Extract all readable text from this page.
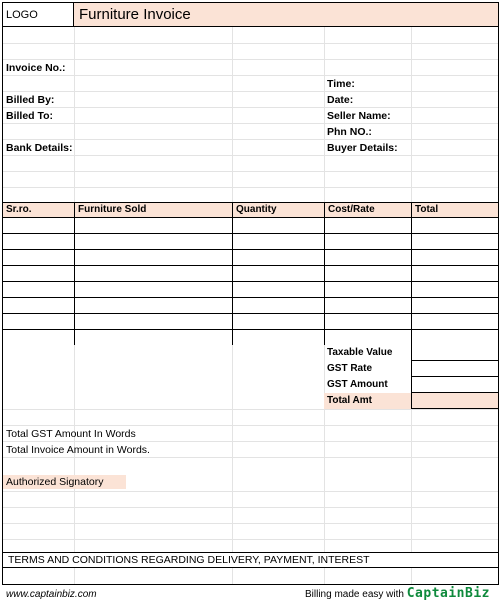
LOGO	Furniture Invoice
Invoice No.:
Billed By:
Billed To:
Bank Details:
Time:
Date:
Seller Name:
Phn NO.:
Buyer Details:
Sr.ro.	Furniture Sold	Quantity	Cost/Rate	Total
Taxable Value
GST Rate
GST Amount
Total Amt
Total GST Amount In Words
Total Invoice Amount in Words.
Authorized Signatory
TERMS AND CONDITIONS REGARDING DELIVERY, PAYMENT, INTEREST
www.captainbiz.com	Billing made easy with CaptainBiz
